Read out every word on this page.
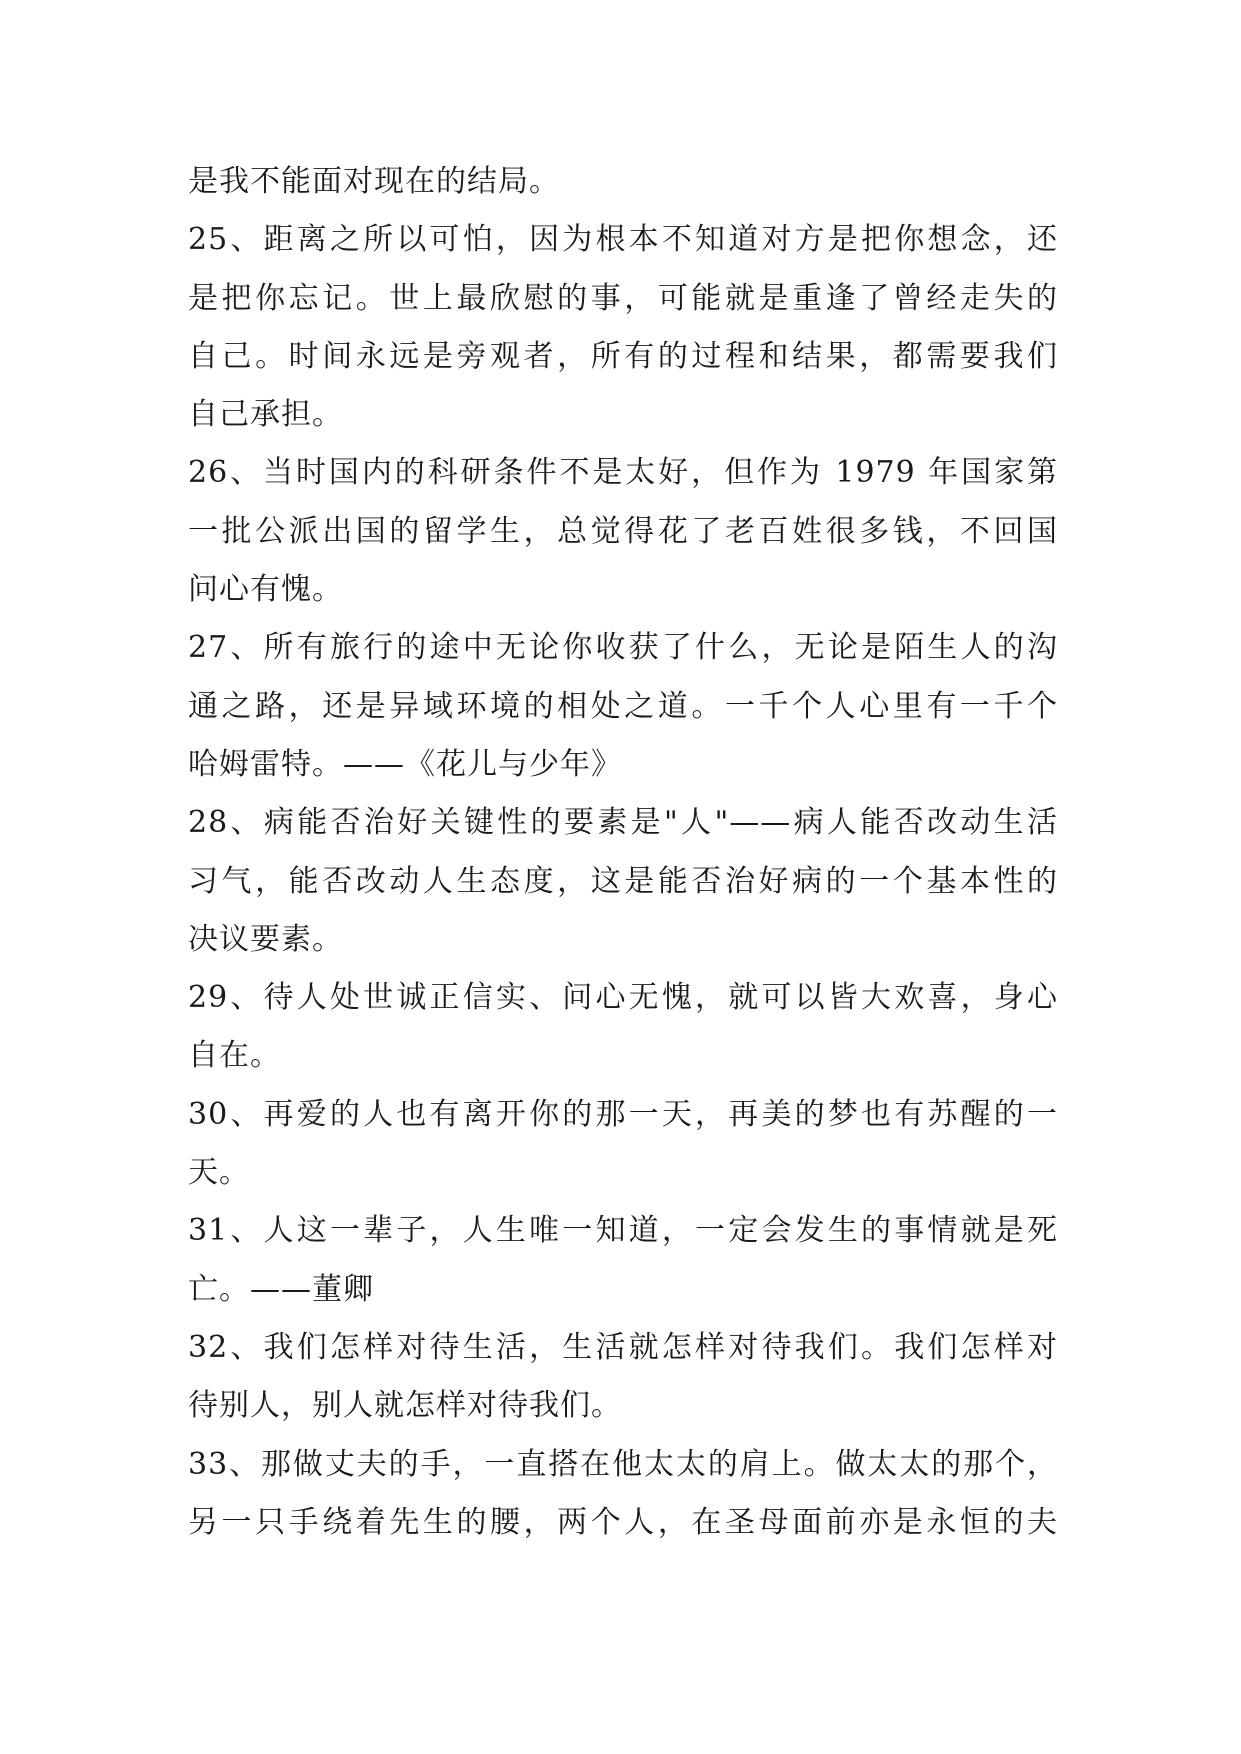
是我不能面对现在的结局。
25、距离之所以可怕，因为根本不知道对方是把你想念，还
是把你忘记。世上最欣慰的事，可能就是重逢了曾经走失的
自己。时间永远是旁观者，所有的过程和结果，都需要我们
自己承担。
26、当时国内的科研条件不是太好，但作为 1979 年国家第
一批公派出国的留学生，总觉得花了老百姓很多钱，不回国
问心有愧。
27、所有旅行的途中无论你收获了什么，无论是陌生人的沟
通之路，还是异域环境的相处之道。一千个人心里有一千个
哈姆雷特。——《花儿与少年》
28、病能否治好关键性的要素是"人"——病人能否改动生活
习气，能否改动人生态度，这是能否治好病的一个基本性的
决议要素。
29、待人处世诚正信实、问心无愧，就可以皆大欢喜，身心
自在。
30、再爱的人也有离开你的那一天，再美的梦也有苏醒的一
天。
31、人这一辈子，人生唯一知道，一定会发生的事情就是死
亡。——董卿
32、我们怎样对待生活，生活就怎样对待我们。我们怎样对
待别人，别人就怎样对待我们。
33、那做丈夫的手，一直搭在他太太的肩上。做太太的那个，
另一只手绕着先生的腰，两个人，在圣母面前亦是永恒的夫
